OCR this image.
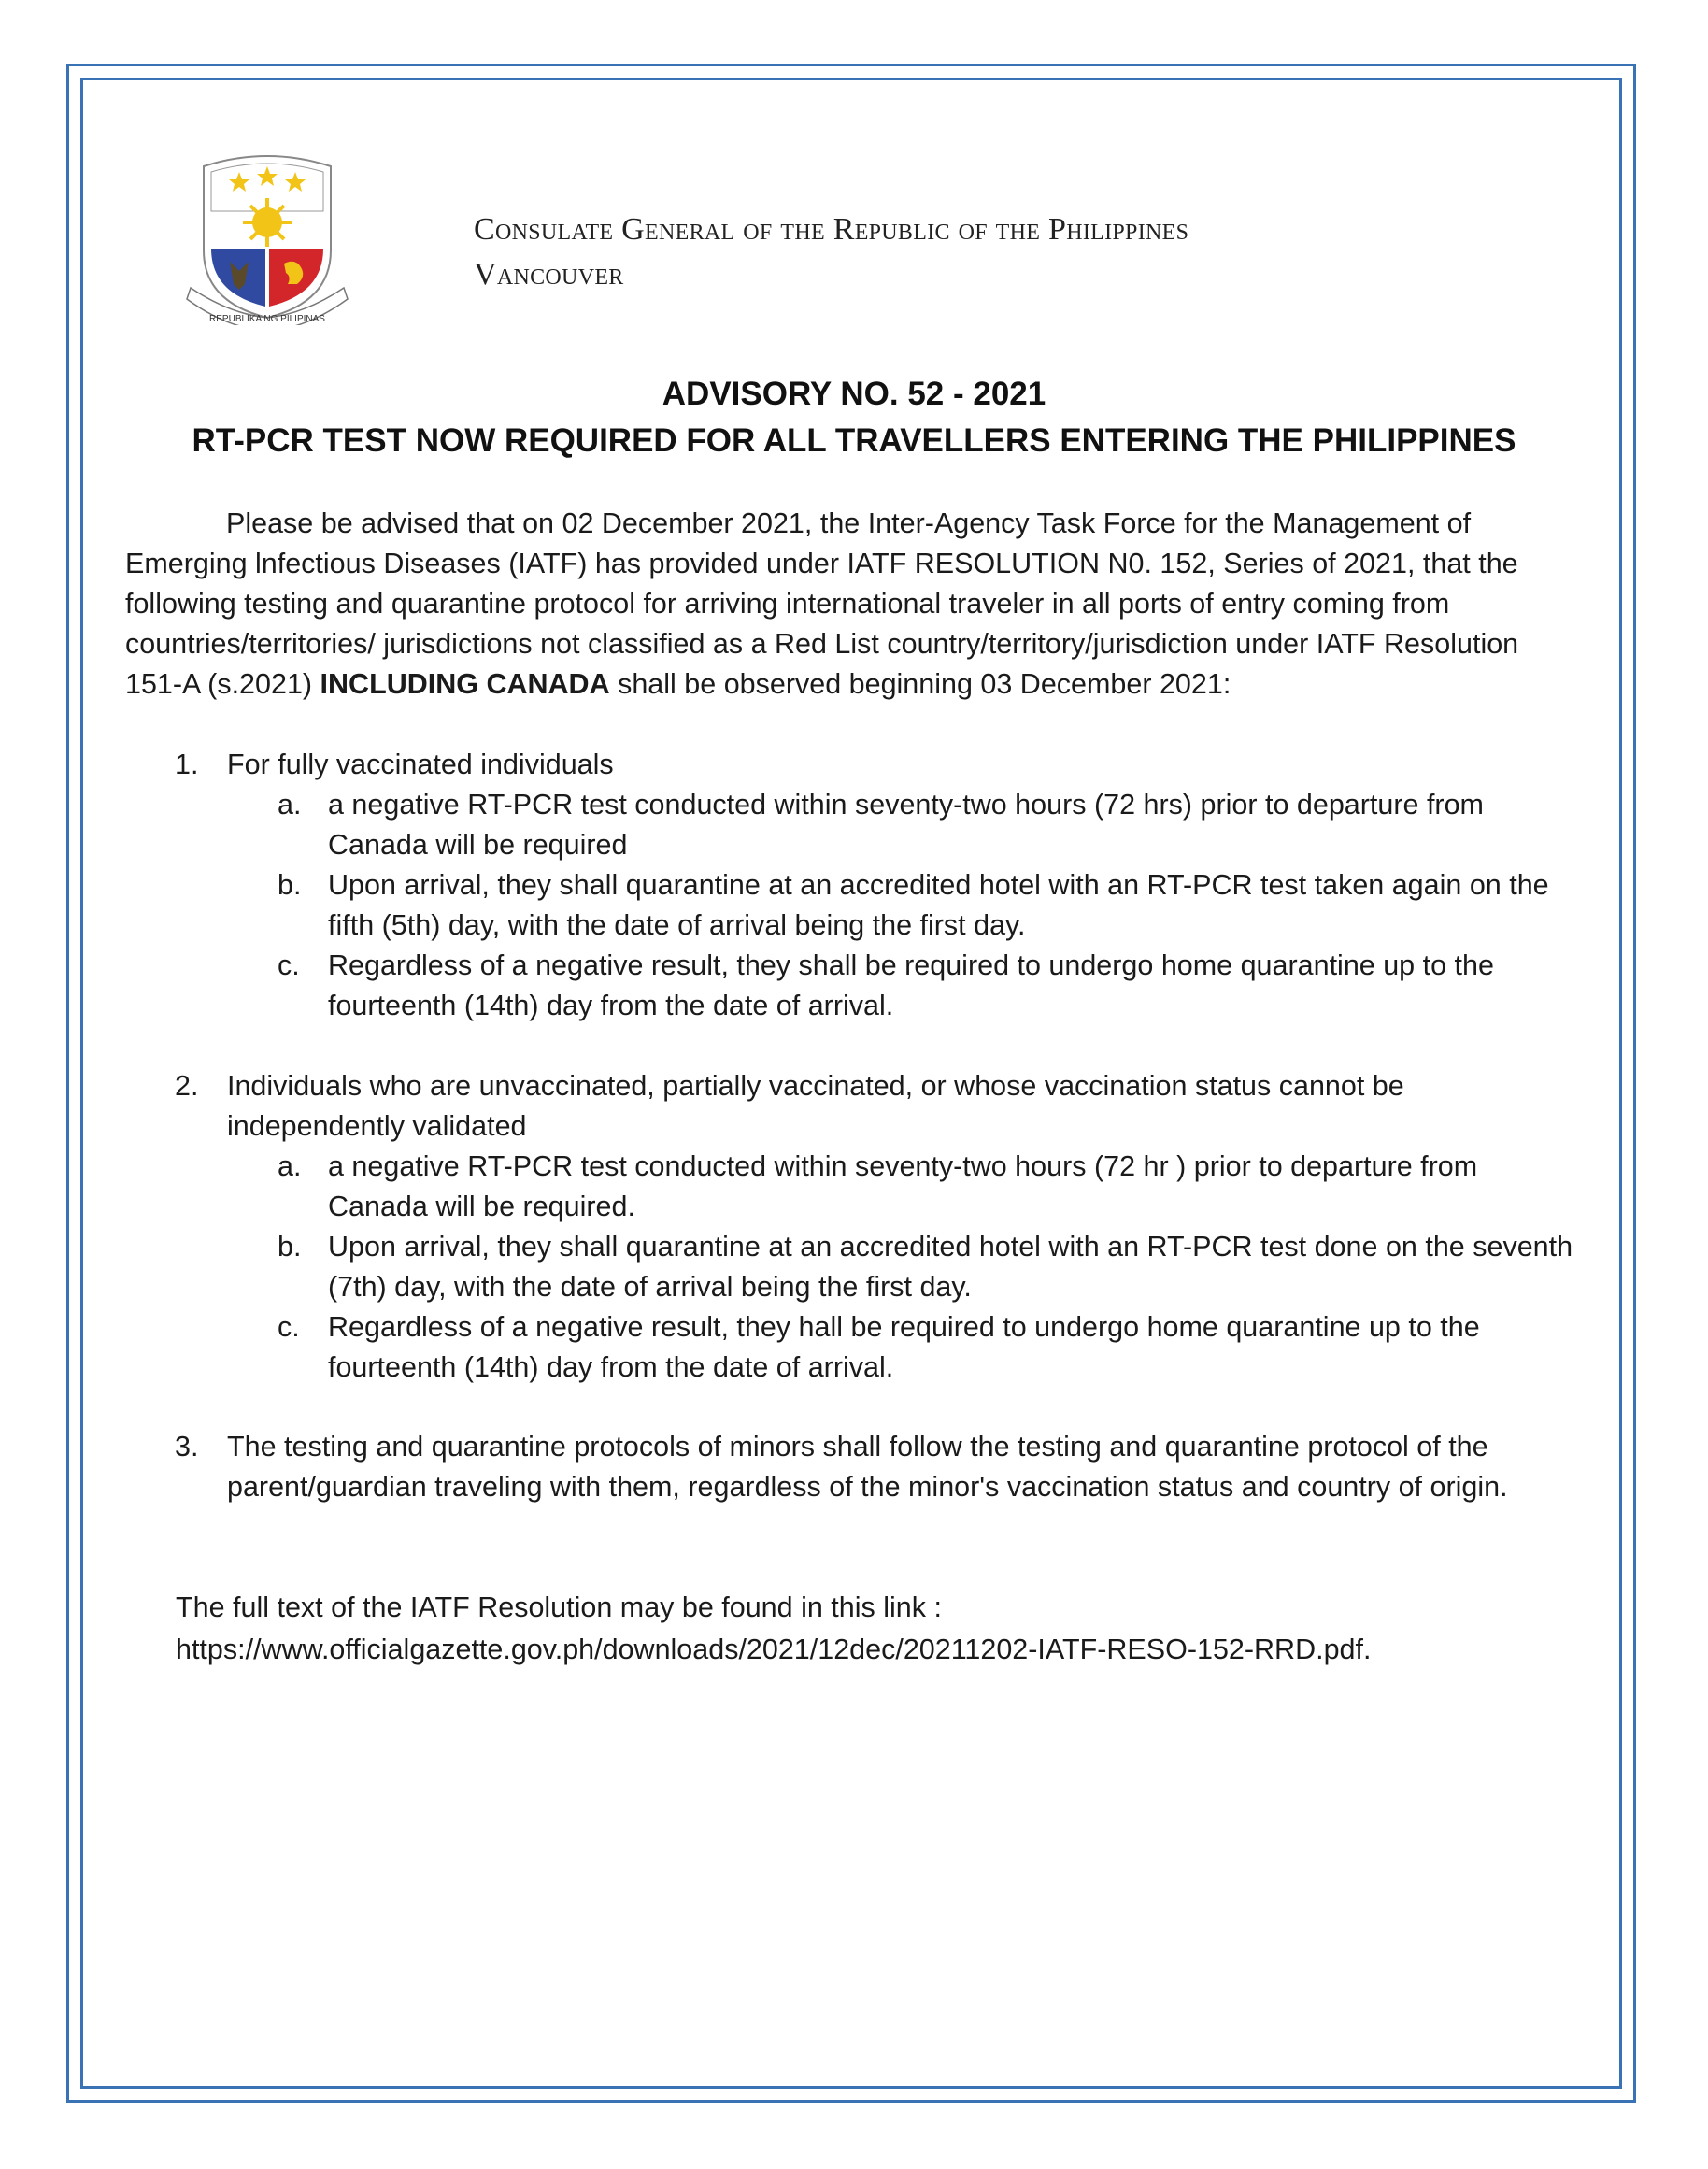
REPUBLIKA NG PILIPINAS
Consulate General of the Republic of the Philippines
Vancouver
ADVISORY NO. 52 - 2021
RT-PCR TEST NOW REQUIRED FOR ALL TRAVELLERS ENTERING THE PHILIPPINES

Please be advised that on 02 December 2021, the Inter-Agency Task Force for the Management of Emerging lnfectious Diseases (IATF) has provided under IATF RESOLUTION N0. 152, Series of 2021, that the following testing and quarantine protocol for arriving international traveler in all ports of entry coming from countries/territories/ jurisdictions not classified as a Red List country/territory/jurisdiction under IATF Resolution 151-A (s.2021) INCLUDING CANADA shall be observed beginning 03 December 2021:

1. For fully vaccinated individuals
a. a negative RT-PCR test conducted within seventy-two hours (72 hrs) prior to departure from Canada will be required
b. Upon arrival, they shall quarantine at an accredited hotel with an RT-PCR test taken again on the fifth (5th) day, with the date of arrival being the first day.
c. Regardless of a negative result, they shall be required to undergo home quarantine up to the fourteenth (14th) day from the date of arrival.
2. Individuals who are unvaccinated, partially vaccinated, or whose vaccination status cannot be independently validated
a. a negative RT-PCR test conducted within seventy-two hours (72 hr ) prior to departure from Canada will be required.
b. Upon arrival, they shall quarantine at an accredited hotel with an RT-PCR test done on the seventh (7th) day, with the date of arrival being the first day.
c. Regardless of a negative result, they hall be required to undergo home quarantine up to the fourteenth (14th) day from the date of arrival.
3. The testing and quarantine protocols of minors shall follow the testing and quarantine protocol of the parent/guardian traveling with them, regardless of the minor's vaccination status and country of origin.
The full text of the IATF Resolution may be found in this link :
https://www.officialgazette.gov.ph/downloads/2021/12dec/20211202-IATF-RESO-152-RRD.pdf.
